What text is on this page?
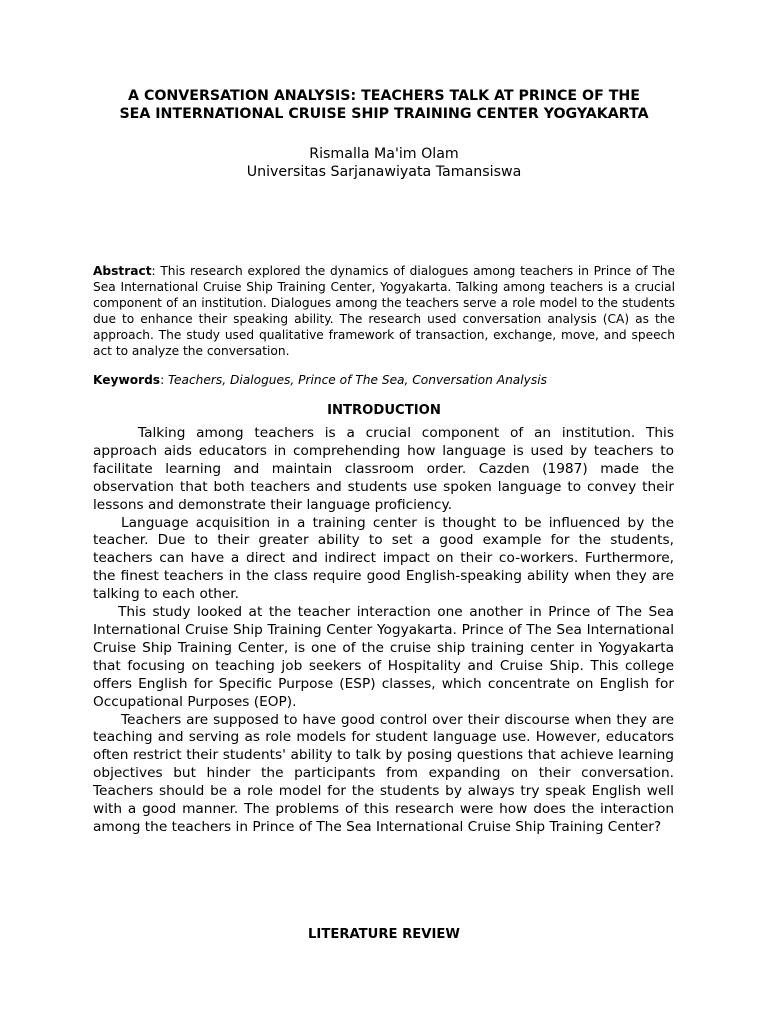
A CONVERSATION ANALYSIS: TEACHERS TALK AT PRINCE OF THE
SEA INTERNATIONAL CRUISE SHIP TRAINING CENTER YOGYAKARTA
Rismalla Ma'im Olam
Universitas Sarjanawiyata Tamansiswa

Abstract: This research explored the dynamics of dialogues among teachers in Prince of The Sea International Cruise Ship Training Center, Yogyakarta. Talking among teachers is a crucial component of an institution. Dialogues among the teachers serve a role model to the students due to enhance their speaking ability. The research used conversation analysis (CA) as the approach. The study used qualitative framework of transaction, exchange, move, and speech act to analyze the conversation.

Keywords: Teachers, Dialogues, Prince of The Sea, Conversation Analysis

INTRODUCTION

Talking among teachers is a crucial component of an institution. This approach aids educators in comprehending how language is used by teachers to facilitate learning and maintain classroom order. Cazden (1987) made the observation that both teachers and students use spoken language to convey their lessons and demonstrate their language proficiency.

Language acquisition in a training center is thought to be influenced by the teacher. Due to their greater ability to set a good example for the students, teachers can have a direct and indirect impact on their co-workers. Furthermore, the finest teachers in the class require good English-speaking ability when they are talking to each other.

This study looked at the teacher interaction one another in Prince of The Sea International Cruise Ship Training Center Yogyakarta. Prince of The Sea International Cruise Ship Training Center, is one of the cruise ship training center in Yogyakarta that focusing on teaching job seekers of Hospitality and Cruise Ship. This college offers English for Specific Purpose (ESP) classes, which concentrate on English for Occupational Purposes (EOP).

Teachers are supposed to have good control over their discourse when they are teaching and serving as role models for student language use. However, educators often restrict their students' ability to talk by posing questions that achieve learning objectives but hinder the participants from expanding on their conversation. Teachers should be a role model for the students by always try speak English well with a good manner. The problems of this research were how does the interaction among the teachers in Prince of The Sea International Cruise Ship Training Center?

LITERATURE REVIEW
